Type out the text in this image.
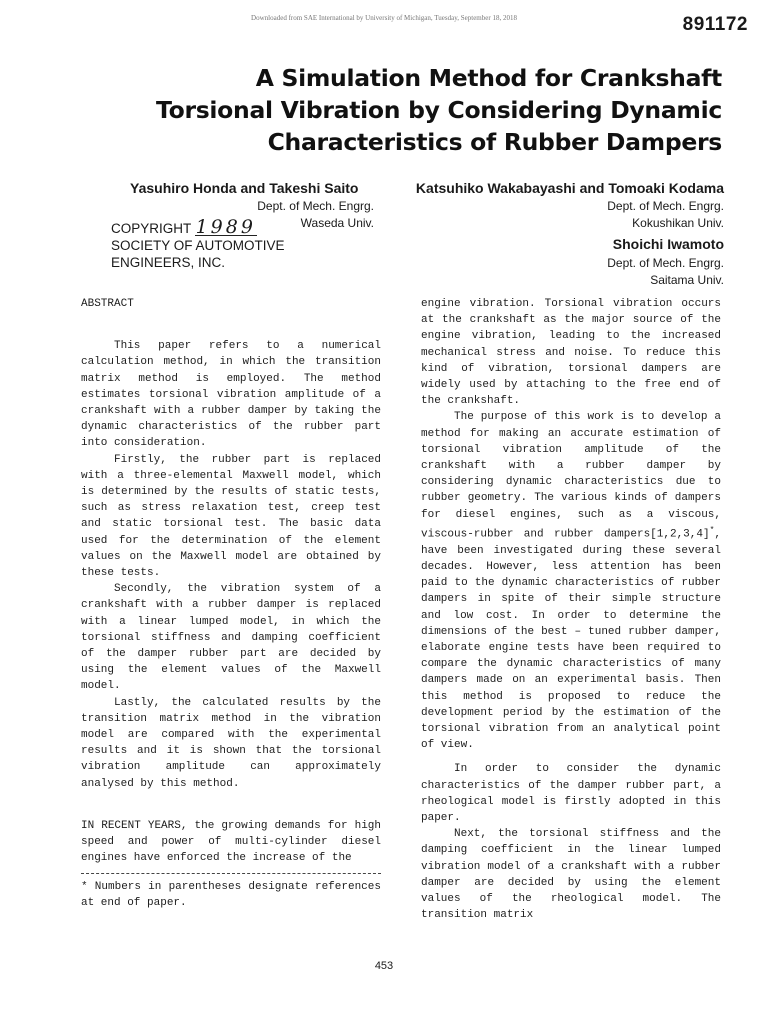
Downloaded from SAE International by University of Michigan, Tuesday, September 18, 2018	891172
A Simulation Method for Crankshaft
Torsional Vibration by Considering Dynamic
Characteristics of Rubber Dampers
Yasuhiro Honda and Takeshi Saito
Dept. of Mech. Engrg.
Waseda Univ.
COPYRIGHT 1989
SOCIETY OF AUTOMOTIVE
ENGINEERS, INC.
Katsuhiko Wakabayashi and Tomoaki Kodama
Dept. of Mech. Engrg.
Kokushikan Univ.
Shoichi Iwamoto
Dept. of Mech. Engrg.
Saitama Univ.

ABSTRACT

This paper refers to a numerical calculation method, in which the transition matrix method is employed. The method estimates torsional vibration amplitude of a crankshaft with a rubber damper by taking the dynamic characteristics of the rubber part into consideration.

Firstly, the rubber part is replaced with a three-elemental Maxwell model, which is determined by the results of static tests, such as stress relaxation test, creep test and static torsional test. The basic data used for the determination of the element values on the Maxwell model are obtained by these tests.

Secondly, the vibration system of a crankshaft with a rubber damper is replaced with a linear lumped model, in which the torsional stiffness and damping coefficient of the damper rubber part are decided by using the element values of the Maxwell model.

Lastly, the calculated results by the transition matrix method in the vibration model are compared with the experimental results and it is shown that the torsional vibration amplitude can approximately analysed by this method.

IN RECENT YEARS, the growing demands for high speed and power of multi-cylinder diesel engines have enforced the increase of the

* Numbers in parentheses designate references at end of paper.

engine vibration. Torsional vibration occurs at the crankshaft as the major source of the engine vibration, leading to the increased mechanical stress and noise. To reduce this kind of vibration, torsional dampers are widely used by attaching to the free end of the crankshaft.

The purpose of this work is to develop a method for making an accurate estimation of torsional vibration amplitude of the crankshaft with a rubber damper by considering dynamic characteristics due to rubber geometry. The various kinds of dampers for diesel engines, such as a viscous, viscous-rubber and rubber dampers[1,2,3,4]*, have been investigated during these several decades. However, less attention has been paid to the dynamic characteristics of rubber dampers in spite of their simple structure and low cost. In order to determine the dimensions of the best – tuned rubber damper, elaborate engine tests have been required to compare the dynamic characteristics of many dampers made on an experimental basis. Then this method is proposed to reduce the development period by the estimation of the torsional vibration from an analytical point of view.

In order to consider the dynamic characteristics of the damper rubber part, a rheological model is firstly adopted in this paper.

Next, the torsional stiffness and the damping coefficient in the linear lumped vibration model of a crankshaft with a rubber damper are decided by using the element values of the rheological model. The transition matrix

453
